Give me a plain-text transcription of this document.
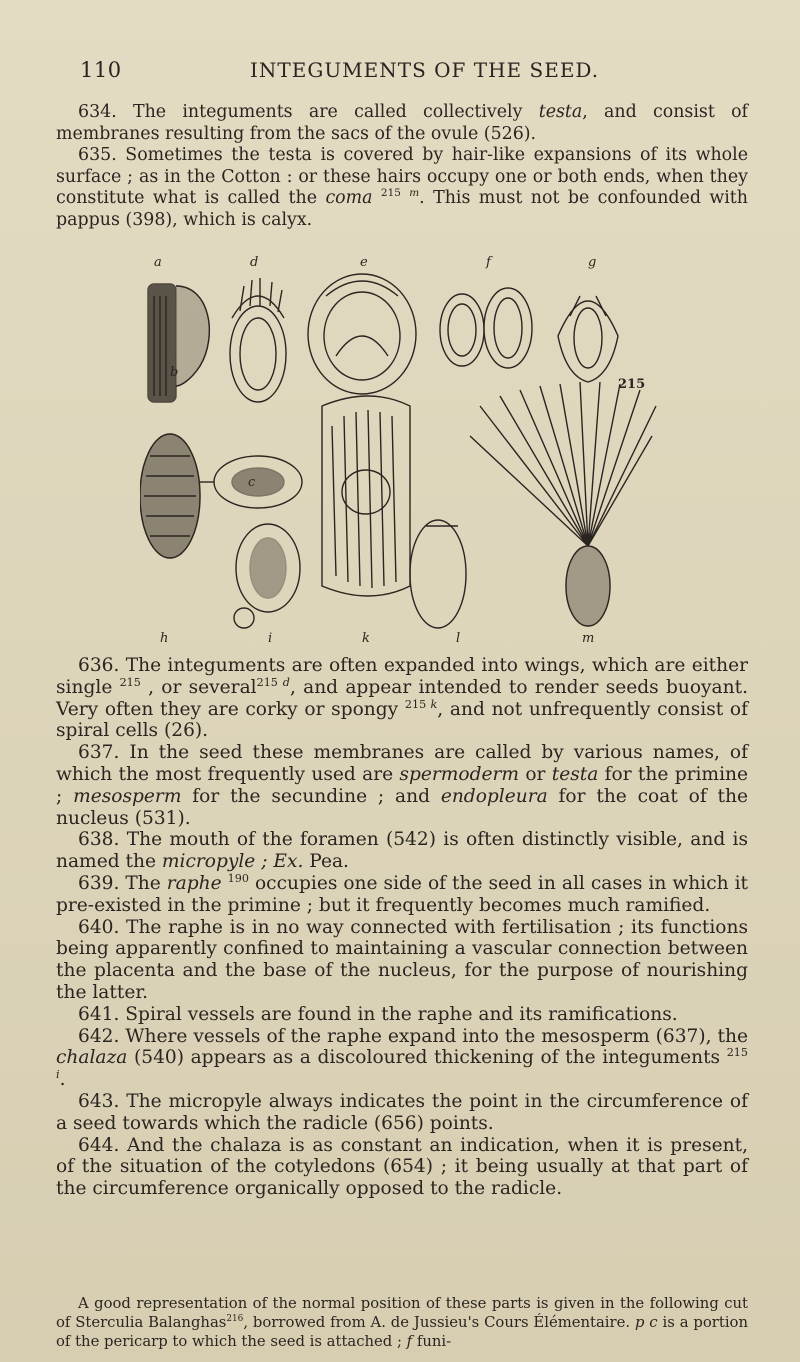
110	INTEGUMENTS OF THE SEED.

634. The integuments are called collectively testa, and consist of membranes resulting from the sacs of the ovule (526).

635. Sometimes the testa is covered by hair-like expansions of its whole surface ; as in the Cotton : or these hairs occupy one or both ends, when they constitute what is called the coma $^{215}$ $^m$. This must not be confounded with pappus (398), which is calyx.

a	d	e	f	g
b
c
215
h	i	k	l	m

636. The integuments are often expanded into wings, which are either single $^{215}$ , or several$^{215 d}$, and appear intended to render seeds buoyant. Very often they are corky or spongy $^{215 k}$, and not unfrequently consist of spiral cells (26).

637. In the seed these membranes are called by various names, of which the most frequently used are spermoderm or testa for the primine ; mesosperm for the secundine ; and endopleura for the coat of the nucleus (531).

638. The mouth of the foramen (542) is often distinctly visible, and is named the micropyle ; Ex. Pea.

639. The raphe $^{190}$ occupies one side of the seed in all cases in which it pre-existed in the primine ; but it frequently becomes much ramified.

640. The raphe is in no way connected with fertilisation ; its functions being apparently confined to maintaining a vascular connection between the placenta and the base of the nucleus, for the purpose of nourishing the latter.

641. Spiral vessels are found in the raphe and its ramifications.

642. Where vessels of the raphe expand into the mesosperm (637), the chalaza (540) appears as a discoloured thickening of the integuments $^{215 i}$.

643. The micropyle always indicates the point in the circumference of a seed towards which the radicle (656) points.

644. And the chalaza is as constant an indication, when it is present, of the situation of the cotyledons (654) ; it being usually at that part of the circumference organically opposed to the radicle.

A good representation of the normal position of these parts is given in the following cut of Sterculia Balanghas$^{216}$, borrowed from A. de Jussieu's Cours Élémentaire. p c is a portion of the pericarp to which the seed is attached ; f funi-
